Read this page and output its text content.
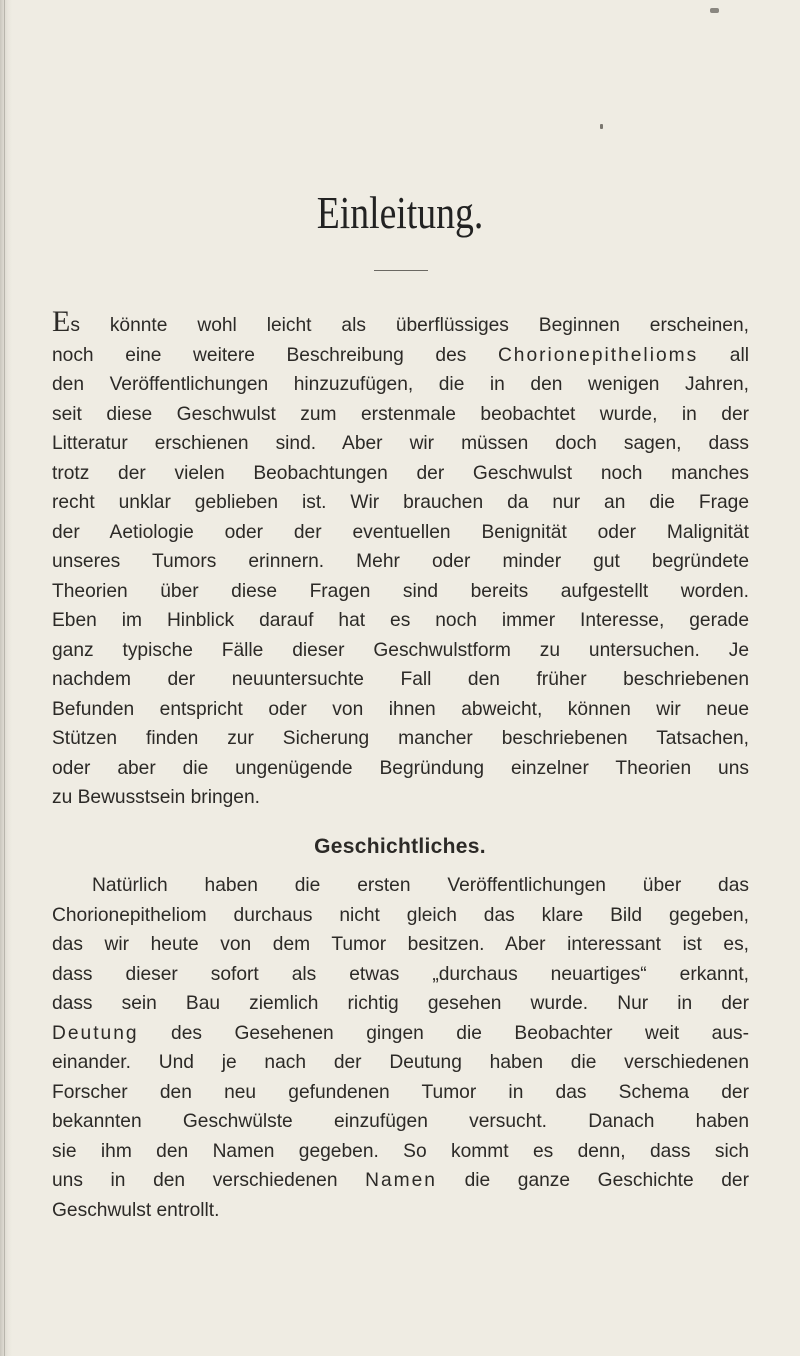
Einleitung.
Es könnte wohl leicht als überflüssiges Beginnen erscheinen,
noch eine weitere Beschreibung des Chorionepithelioms all
den Veröffentlichungen hinzuzufügen, die in den wenigen Jahren,
seit diese Geschwulst zum erstenmale beobachtet wurde, in der
Litteratur erschienen sind. Aber wir müssen doch sagen, dass
trotz der vielen Beobachtungen der Geschwulst noch manches
recht unklar geblieben ist. Wir brauchen da nur an die Frage
der Aetiologie oder der eventuellen Benignität oder Malignität
unseres Tumors erinnern. Mehr oder minder gut begründete
Theorien über diese Fragen sind bereits aufgestellt worden.
Eben im Hinblick darauf hat es noch immer Interesse, gerade
ganz typische Fälle dieser Geschwulstform zu untersuchen. Je
nachdem der neuuntersuchte Fall den früher beschriebenen
Befunden entspricht oder von ihnen abweicht, können wir neue
Stützen finden zur Sicherung mancher beschriebenen Tatsachen,
oder aber die ungenügende Begründung einzelner Theorien uns
zu Bewusstsein bringen.
Geschichtliches.
Natürlich haben die ersten Veröffentlichungen über das
Chorionepitheliom durchaus nicht gleich das klare Bild gegeben,
das wir heute von dem Tumor besitzen. Aber interessant ist es,
dass dieser sofort als etwas „durchaus neuartiges“ erkannt,
dass sein Bau ziemlich richtig gesehen wurde. Nur in der
Deutung des Gesehenen gingen die Beobachter weit aus-
einander. Und je nach der Deutung haben die verschiedenen
Forscher den neu gefundenen Tumor in das Schema der
bekannten Geschwülste einzufügen versucht. Danach haben
sie ihm den Namen gegeben. So kommt es denn, dass sich
uns in den verschiedenen Namen die ganze Geschichte der
Geschwulst entrollt.
